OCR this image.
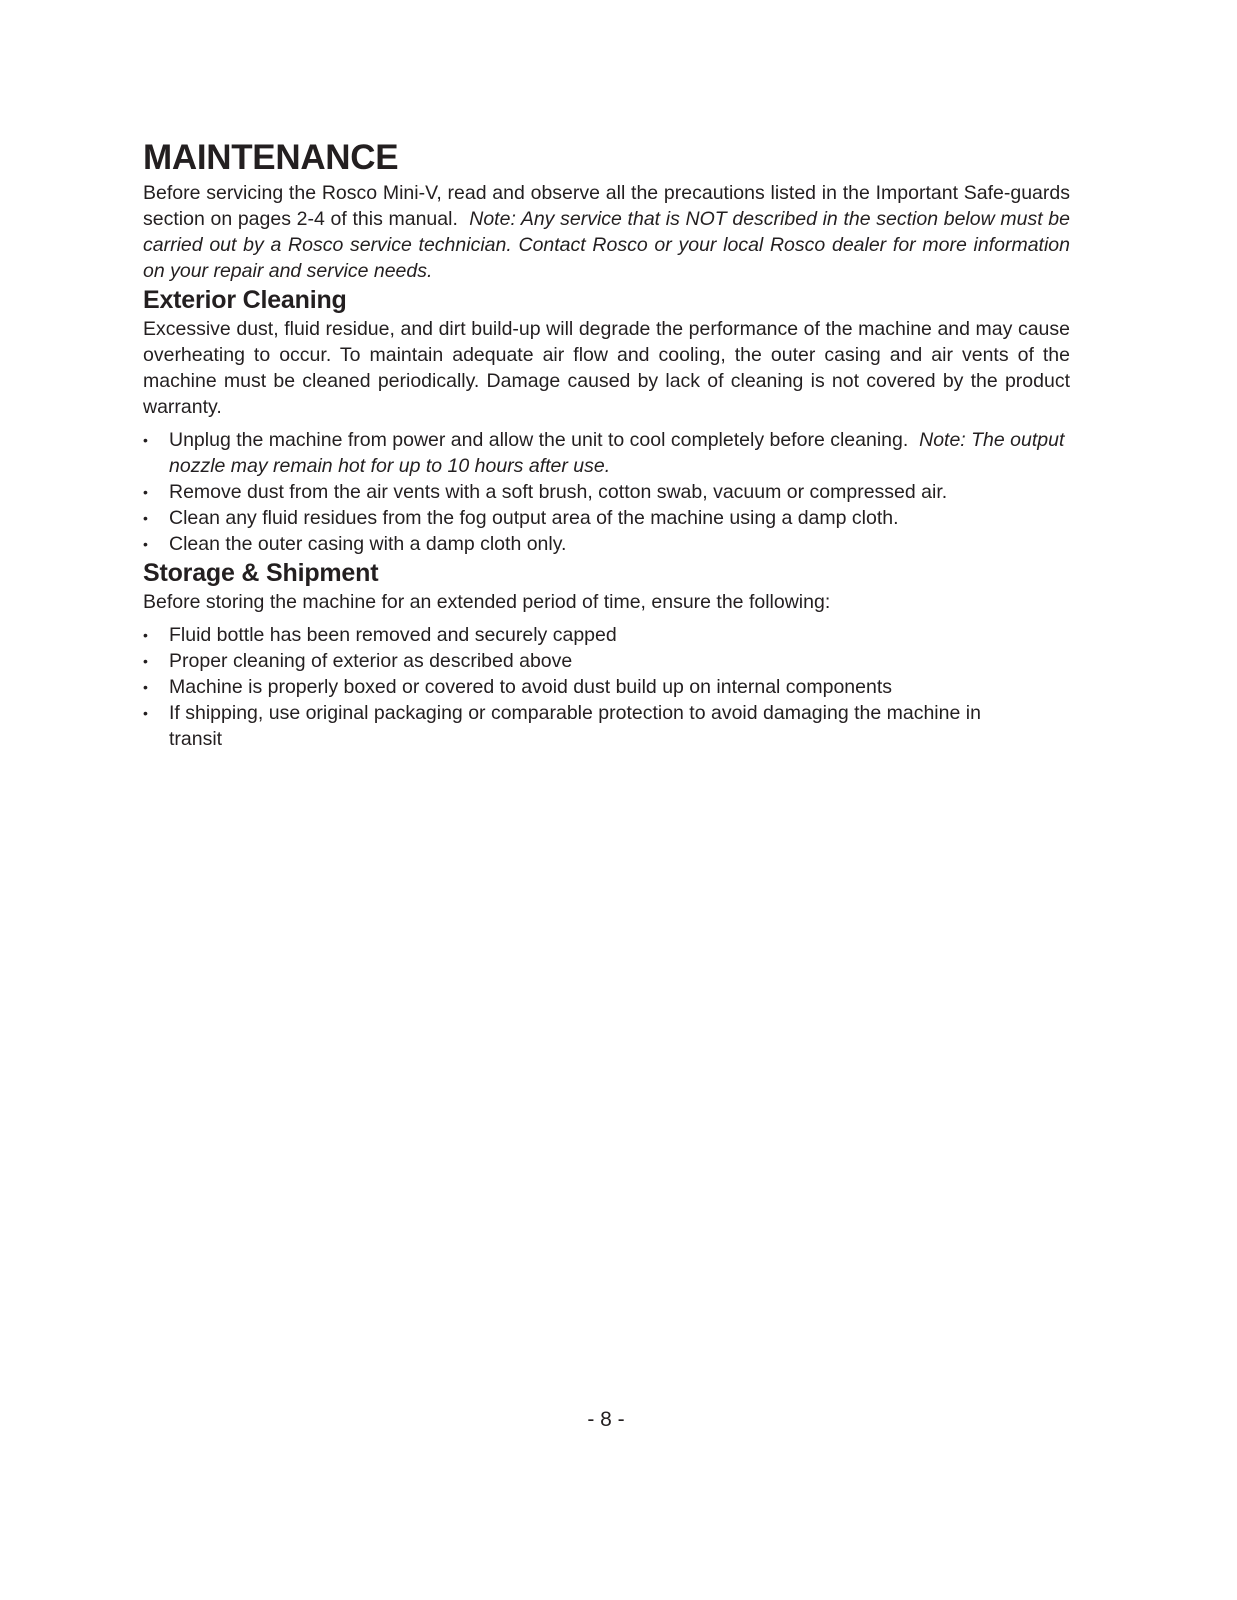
MAINTENANCE

Before servicing the Rosco Mini-V, read and observe all the precautions listed in the Important Safe-guards section on pages 2-4 of this manual. Note: Any service that is NOT described in the section below must be carried out by a Rosco service technician. Contact Rosco or your local Rosco dealer for more information on your repair and service needs.

Exterior Cleaning

Excessive dust, fluid residue, and dirt build-up will degrade the performance of the machine and may cause overheating to occur. To maintain adequate air flow and cooling, the outer casing and air vents of the machine must be cleaned periodically. Damage caused by lack of cleaning is not covered by the product warranty.

• Unplug the machine from power and allow the unit to cool completely before cleaning. Note: The output nozzle may remain hot for up to 10 hours after use.
• Remove dust from the air vents with a soft brush, cotton swab, vacuum or compressed air.
• Clean any fluid residues from the fog output area of the machine using a damp cloth.
• Clean the outer casing with a damp cloth only.
Storage & Shipment

Before storing the machine for an extended period of time, ensure the following:

• Fluid bottle has been removed and securely capped
• Proper cleaning of exterior as described above
• Machine is properly boxed or covered to avoid dust build up on internal components
• If shipping, use original packaging or comparable protection to avoid damaging the machine in transit
- 8 -
